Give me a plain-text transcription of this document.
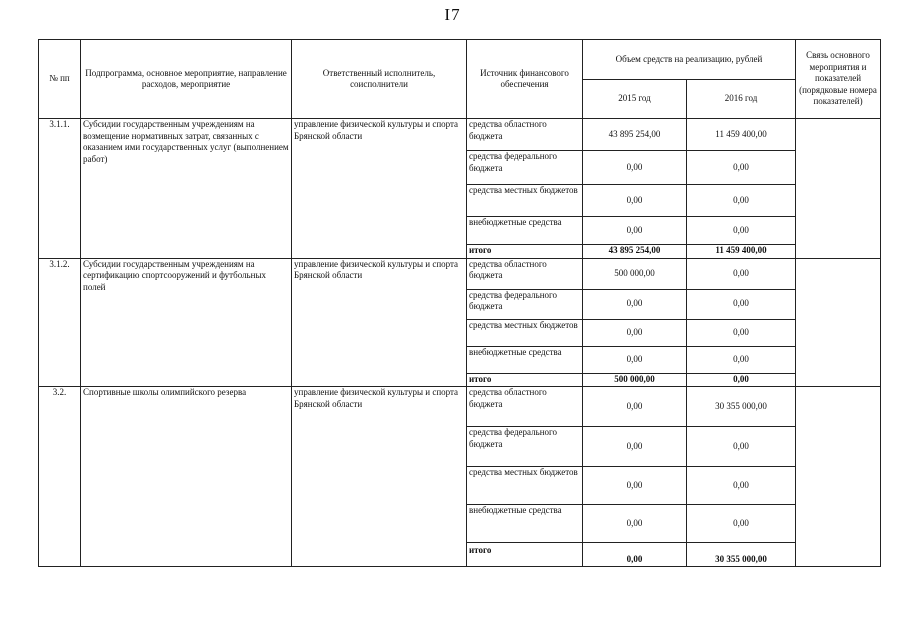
I7
№ пп	Подпрограмма, основное мероприятие, направление расходов, мероприятие	Ответственный исполнитель, соисполнители	Источник финансового обеспечения	Объем средств на реализацию, рублей		Связь основного мероприятия и показателей (порядковые номера показателей)
				2015 год	2016 год	
3.1.1.	Субсидии государственным учреждениям на возмещение нормативных затрат, связанных с оказанием ими государственных услуг (выполнением работ)	управление физической культуры и спорта Брянской области	средства областного бюджета	43 895 254,00	11 459 400,00	
			средства федерального бюджета	0,00	0,00	
			средства местных бюджетов	0,00	0,00	
			внебюджетные средства	0,00	0,00	
			итого	43 895 254,00	11 459 400,00	
3.1.2.	Субсидии государственным учреждениям на сертификацию спортсооружений и футбольных полей	управление физической культуры и спорта Брянской области	средства областного бюджета	500 000,00	0,00	
			средства федерального бюджета	0,00	0,00	
			средства местных бюджетов	0,00	0,00	
			внебюджетные средства	0,00	0,00	
			итого	500 000,00	0,00	
3.2.	Спортивные школы олимпийского резерва	управление физической культуры и спорта Брянской области	средства областного бюджета	0,00	30 355 000,00	
			средства федерального бюджета	0,00	0,00	
			средства местных бюджетов	0,00	0,00	
			внебюджетные средства	0,00	0,00	
			итого	0,00	30 355 000,00	
